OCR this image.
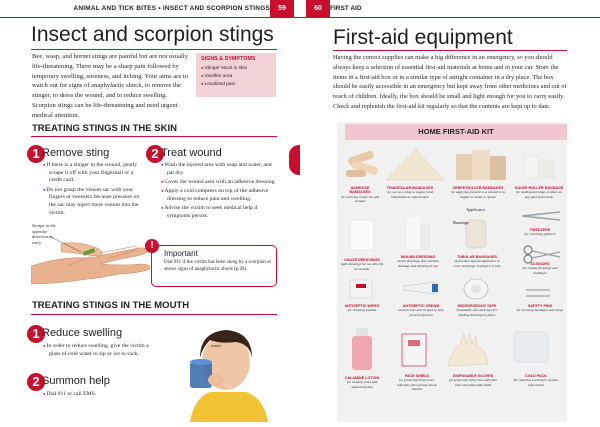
ANIMAL AND TICK BITES • INSECT AND SCORPION STINGS	59	60	FIRST AID
Insect and scorpion stings
Bee, wasp, and hornet stings are painful but are not usually life-threatening. There may be a sharp pain followed by temporary swelling, soreness, and itching. Your aims are to watch out for signs of anaphylactic shock, to remove the stinger, to dress the wound, and to reduce swelling. Scorpion stings can be life-threatening and need urgent medical attention.
SIGNS & SYMPTOMS
● Stinger stuck in skin
● Swollen area
● Localized pain
TREATING STINGS IN THE SKIN
1 Remove sting
● If there is a stinger in the wound, gently scrape it off with your fingernail or a credit card.
● Do not grasp the venom sac with your fingers or tweezers because pressure on the sac may inject more venom into the victim.
2 Treat wound
● Wash the injured area with soap and water, and pat dry.
● Cover the wound area with an adhesive dressing.
● Apply a cold compress on top of the adhesive dressing to reduce pain and swelling.
● Advise the victim to seek medical help if symptoms persist.
Scrape in the opposite direction to entry	!
Important
Dial 911 if the victim has been stung by a scorpion or shows signs of anaphylactic shock (p.28).
TREATING STINGS IN THE MOUTH
1 Reduce swelling
● In order to reduce swelling, give the victim a glass of cold water to sip or ice to suck.
2 Summon help
● Dial 911 or call EMS.
Soothe sting with water
First-aid equipment
Having the correct supplies can make a big difference in an emergency, so you should always keep a selection of essential first-aid materials at home and in your car. Store the items in a first-aid box or in a similar type of airtight container in a dry place. The box should be easily accessible in an emergency but kept away from other medicines and out of reach of children. Ideally, the box should be small and light enough for you to carry easily. Check and replenish the first-aid kit regularly so that the contents are kept up to date.
HOME FIRST-AID KIT
ADHESIVE BANDAGES
for covering small cuts and scrapes
TRIANGULAR BANDAGES
for use as a sling to support and immobilize an injured limb
CREPE ROLLER BANDAGES
for applying pressure to a wound or to support a strain or sprain
GAUZE ROLLER BANDAGE
for holding dressings in place on any part of the body
Applicator
Bandage
GAUZE DRESSINGS
light dressings for use directly on wounds
WOUND DRESSING
sterile dressings that combine bandage and dressing in one
TUBULAR BANDAGES
used with a special applicator to cover dressings on fingers or toes
TWEEZERS
for removing splinters
SCISSORS
for cutting dressings and bandages
ANTISEPTIC WIPES
for cleaning wounds
ANTISEPTIC CREAM
used on cuts and scrapes to help prevent infection
MICROPOROUS TAPE
breathable, low-tack tape for holding dressings in place
SAFETY PINS
for securing bandages and slings
CALAMINE LOTION
for treating sores and sunburned skin
FACE SHIELD
for protection from cross-infection when giving rescue breaths
DISPOSABLE GLOVES
for protection from cross-infection when touching body fluids
COLD PACK
for reducing swelling in sprains and strains
